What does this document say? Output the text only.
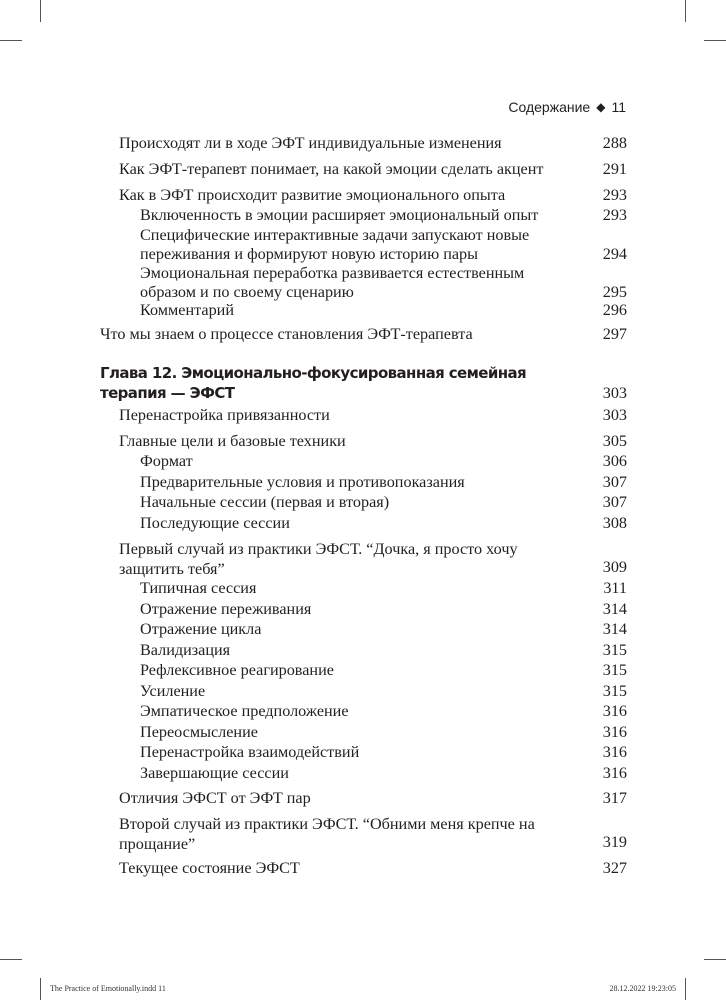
Содержание ◆ 11
Происходят ли в ходе ЭФТ индивидуальные изменения	288
Как ЭФТ-терапевт понимает, на какой эмоции сделать акцент	291
Как в ЭФТ происходит развитие эмоционального опыта	293
Включенность в эмоции расширяет эмоциональный опыт	293
Специфические интерактивные задачи запускают новые переживания и формируют новую историю пары	294
Эмоциональная переработка развивается естественным образом и по своему сценарию	295
Комментарий	296
Что мы знаем о процессе становления ЭФТ-терапевта	297
Глава 12. Эмоционально-фокусированная семейная терапия — ЭФСТ	303
Перенастройка привязанности	303
Главные цели и базовые техники	305
Формат	306
Предварительные условия и противопоказания	307
Начальные сессии (первая и вторая)	307
Последующие сессии	308
Первый случай из практики ЭФСТ. “Дочка, я просто хочу защитить тебя”	309
Типичная сессия	311
Отражение переживания	314
Отражение цикла	314
Валидизация	315
Рефлексивное реагирование	315
Усиление	315
Эмпатическое предположение	316
Переосмысление	316
Перенастройка взаимодействий	316
Завершающие сессии	316
Отличия ЭФСТ от ЭФТ пар	317
Второй случай из практики ЭФСТ. “Обними меня крепче на прощание”	319
Текущее состояние ЭФСТ	327
The Practice of Emotionally.indd 11	28.12.2022 19:23:05
